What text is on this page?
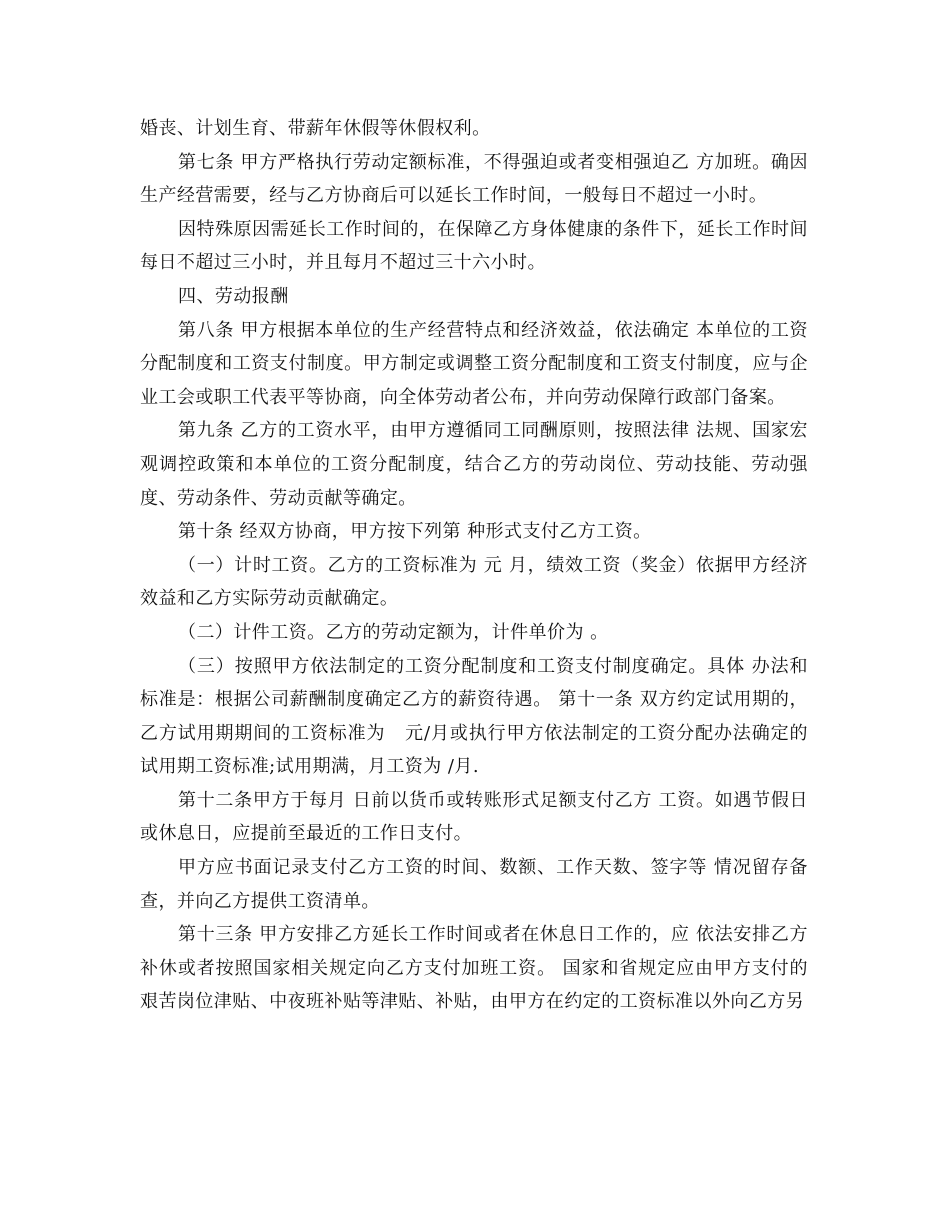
婚丧、计划生育、带薪年休假等休假权利。

第七条 甲方严格执行劳动定额标准，不得强迫或者变相强迫乙 方加班。确因生产经营需要，经与乙方协商后可以延长工作时间，一般每日不超过一小时。

因特殊原因需延长工作时间的，在保障乙方身体健康的条件下，延长工作时间每日不超过三小时，并且每月不超过三十六小时。

四、劳动报酬

第八条 甲方根据本单位的生产经营特点和经济效益，依法确定 本单位的工资分配制度和工资支付制度。甲方制定或调整工资分配制度和工资支付制度，应与企业工会或职工代表平等协商，向全体劳动者公布，并向劳动保障行政部门备案。

第九条 乙方的工资水平，由甲方遵循同工同酬原则，按照法律 法规、国家宏观调控政策和本单位的工资分配制度，结合乙方的劳动岗位、劳动技能、劳动强度、劳动条件、劳动贡献等确定。

第十条 经双方协商，甲方按下列第 种形式支付乙方工资。

（一）计时工资。乙方的工资标准为 元 月，绩效工资（奖金）依据甲方经济效益和乙方实际劳动贡献确定。

（二）计件工资。乙方的劳动定额为，计件单价为 。

（三）按照甲方依法制定的工资分配制度和工资支付制度确定。具体 办法和标准是：根据公司薪酬制度确定乙方的薪资待遇。 第十一条 双方约定试用期的，乙方试用期期间的工资标准为   元/月或执行甲方依法制定的工资分配办法确定的试用期工资标准;试用期满，月工资为 /月.

第十二条甲方于每月 日前以货币或转账形式足额支付乙方 工资。如遇节假日或休息日，应提前至最近的工作日支付。

甲方应书面记录支付乙方工资的时间、数额、工作天数、签字等 情况留存备查，并向乙方提供工资清单。

第十三条 甲方安排乙方延长工作时间或者在休息日工作的，应 依法安排乙方补休或者按照国家相关规定向乙方支付加班工资。 国家和省规定应由甲方支付的艰苦岗位津贴、中夜班补贴等津贴、补贴，由甲方在约定的工资标准以外向乙方另
